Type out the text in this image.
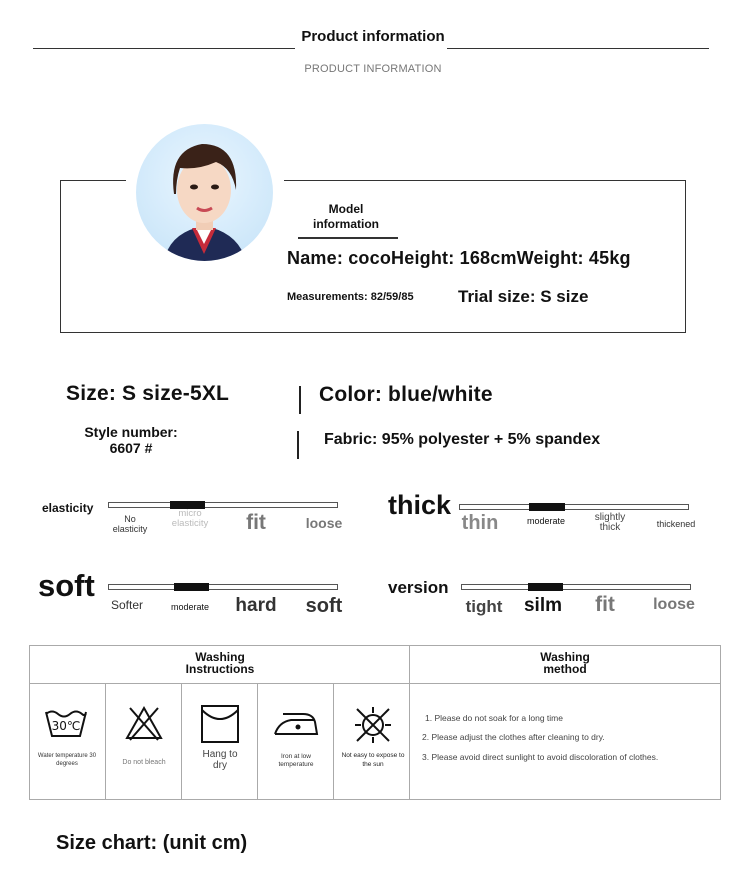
Product information
PRODUCT INFORMATION
Model information
Name: cocoHeight: 168cmWeight: 45kg
Measurements: 82/59/85	Trial size: S size
Size: S size-5XL	Color: blue/white
Style number:
6607 #	Fabric: 95% polyester + 5% spandex
elasticity
No elasticity
micro elasticity	fit	loose
thick
thin	moderate	slightly thick	thickened
soft
Softer	moderate	hard	soft
version
tight	silm	fit	loose
Washing Instructions
Washing method
30℃
Water temperature 30 degrees	Do not bleach
Hang to dry
Iron at low temperature
Not easy to expose to the sun
1. Please do not soak for a long time
2. Please adjust the clothes after cleaning to dry.
3. Please avoid direct sunlight to avoid discoloration of clothes.
Size chart: (unit cm)
